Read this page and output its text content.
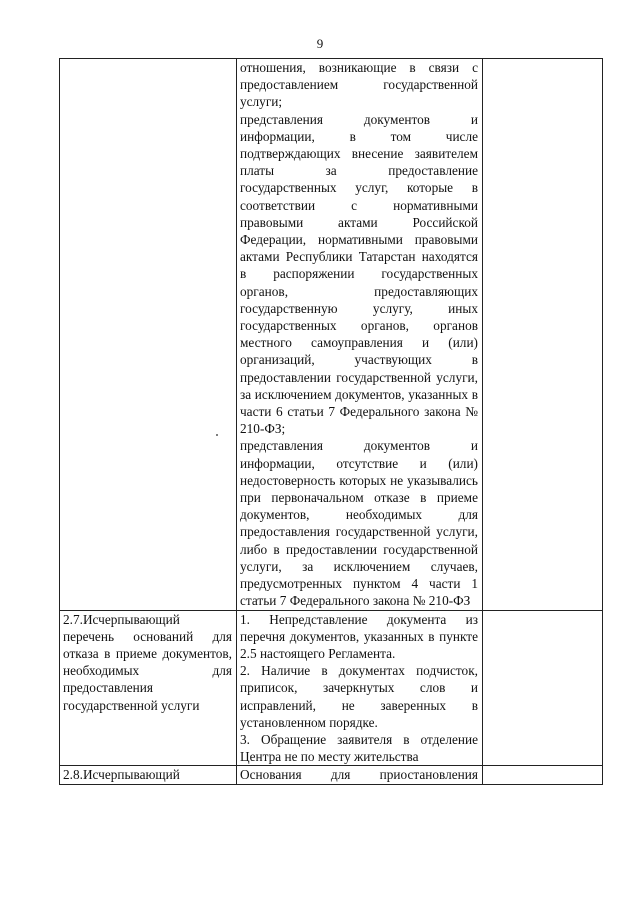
9

	отношения, возникающие в связи с предоставлением государственной услуги;
представления документов и информации, в том числе подтверждающих внесение заявителем платы за предоставление государственных услуг, которые в соответствии с нормативными правовыми актами Российской Федерации, нормативными правовыми актами Республики Татарстан находятся в распоряжении государственных органов, предоставляющих государственную услугу, иных государственных органов, органов местного самоуправления и (или) организаций, участвующих в предоставлении государственной услуги, за исключением документов, указанных в части 6 статьи 7 Федерального закона № 210-ФЗ;
представления документов и информации, отсутствие и (или) недостоверность которых не указывались при первоначальном отказе в приеме документов, необходимых для предоставления государственной услуги, либо в предоставлении государственной услуги, за исключением случаев, предусмотренных пунктом 4 части 1 статьи 7 Федерального закона № 210-ФЗ	

2.7.Исчерпывающий перечень оснований для отказа в приеме документов, необходимых для предоставления государственной услуги	1. Непредставление документа из перечня документов, указанных в пункте 2.5 настоящего Регламента.
2. Наличие в документах подчисток, приписок, зачеркнутых слов и исправлений, не заверенных в установленном порядке.
3. Обращение заявителя в отделение Центра не по месту жительства	

2.8.Исчерпывающий	Основания для приостановления	
